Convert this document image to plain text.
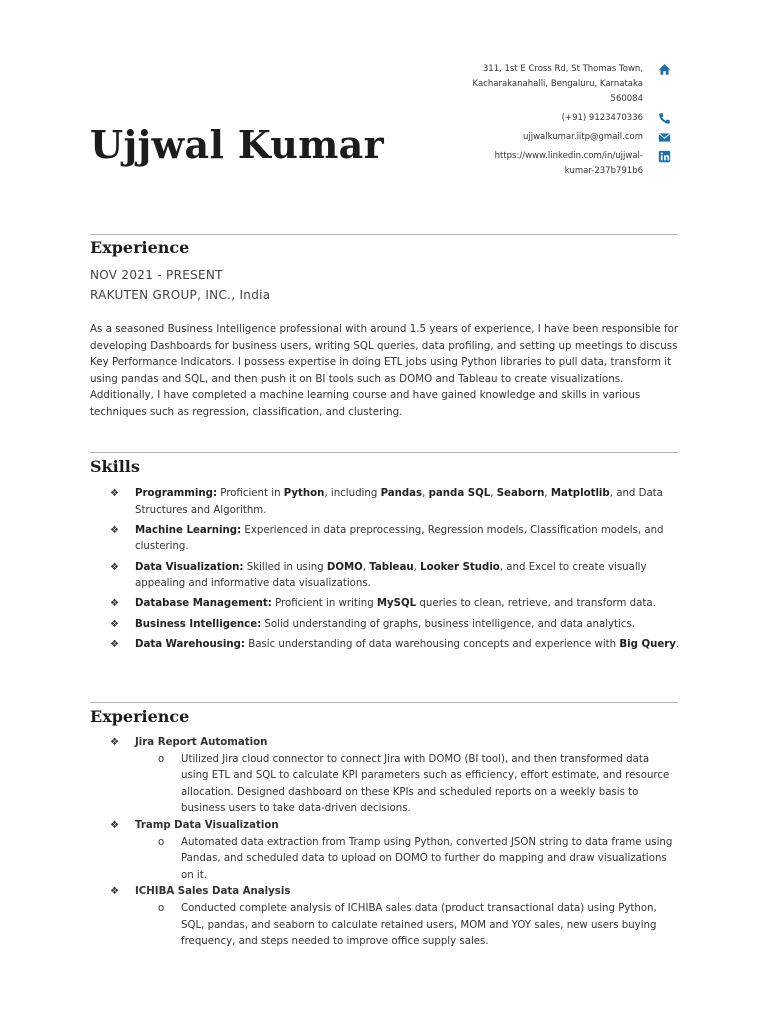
Ujjwal Kumar
311, 1st E Cross Rd, St Thomas Town,
Kacharakanahalli, Bengaluru, Karnataka
560084
(+91) 9123470336
ujjwalkumar.iitp@gmail.com
https://www.linkedin.com/in/ujjwal-
kumar-237b791b6
Experience
NOV 2021 - PRESENT
RAKUTEN GROUP, INC., India

As a seasoned Business Intelligence professional with around 1.5 years of experience, I have been responsible for developing Dashboards for business users, writing SQL queries, data profiling, and setting up meetings to discuss Key Performance Indicators. I possess expertise in doing ETL jobs using Python libraries to pull data, transform it using pandas and SQL, and then push it on BI tools such as DOMO and Tableau to create visualizations. Additionally, I have completed a machine learning course and have gained knowledge and skills in various techniques such as regression, classification, and clustering.

Skills
❖ Programming: Proficient in Python, including Pandas, panda SQL, Seaborn, Matplotlib, and Data Structures and Algorithm.
❖ Machine Learning: Experienced in data preprocessing, Regression models, Classification models, and clustering.
❖ Data Visualization: Skilled in using DOMO, Tableau, Looker Studio, and Excel to create visually appealing and informative data visualizations.
❖ Database Management: Proficient in writing MySQL queries to clean, retrieve, and transform data.
❖ Business Intelligence: Solid understanding of graphs, business intelligence, and data analytics.
❖ Data Warehousing: Basic understanding of data warehousing concepts and experience with Big Query.
Experience
❖ Jira Report Automation
o Utilized Jira cloud connector to connect Jira with DOMO (BI tool), and then transformed data using ETL and SQL to calculate KPI parameters such as efficiency, effort estimate, and resource allocation. Designed dashboard on these KPIs and scheduled reports on a weekly basis to business users to take data-driven decisions.
❖ Tramp Data Visualization
o Automated data extraction from Tramp using Python, converted JSON string to data frame using Pandas, and scheduled data to upload on DOMO to further do mapping and draw visualizations on it.
❖ ICHIBA Sales Data Analysis
o Conducted complete analysis of ICHIBA sales data (product transactional data) using Python, SQL, pandas, and seaborn to calculate retained users, MOM and YOY sales, new users buying frequency, and steps needed to improve office supply sales.
